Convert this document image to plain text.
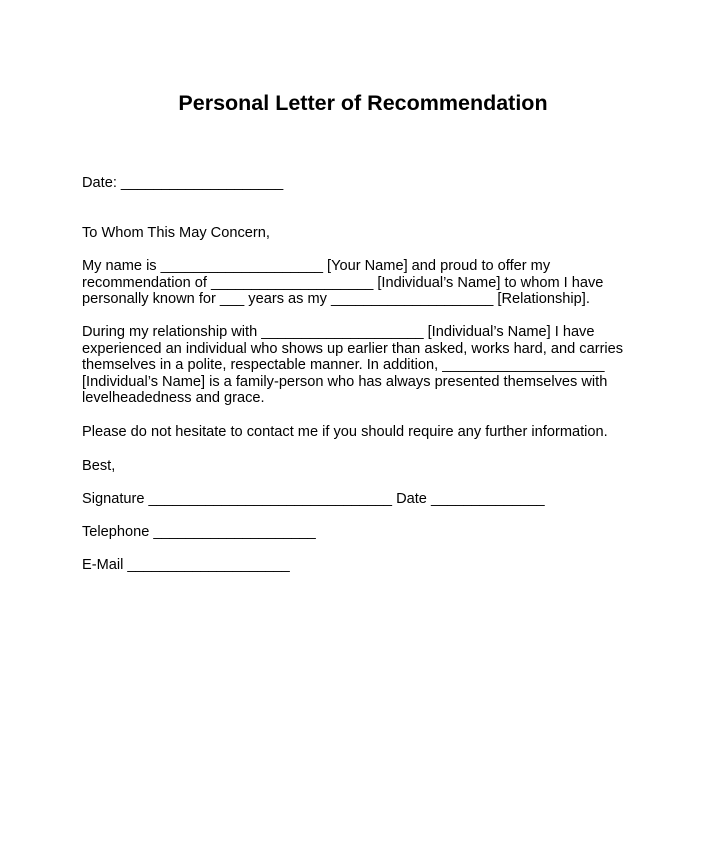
Personal Letter of Recommendation

Date: ____________________

To Whom This May Concern,

My name is ____________________ [Your Name] and proud to offer my
recommendation of ____________________ [Individual’s Name] to whom I have
personally known for ___ years as my ____________________ [Relationship].

During my relationship with ____________________ [Individual’s Name] I have
experienced an individual who shows up earlier than asked, works hard, and carries
themselves in a polite, respectable manner. In addition, ____________________
[Individual’s Name] is a family-person who has always presented themselves with
levelheadedness and grace.

Please do not hesitate to contact me if you should require any further information.

Best,

Signature ______________________________ Date ______________

Telephone ____________________

E-Mail ____________________
